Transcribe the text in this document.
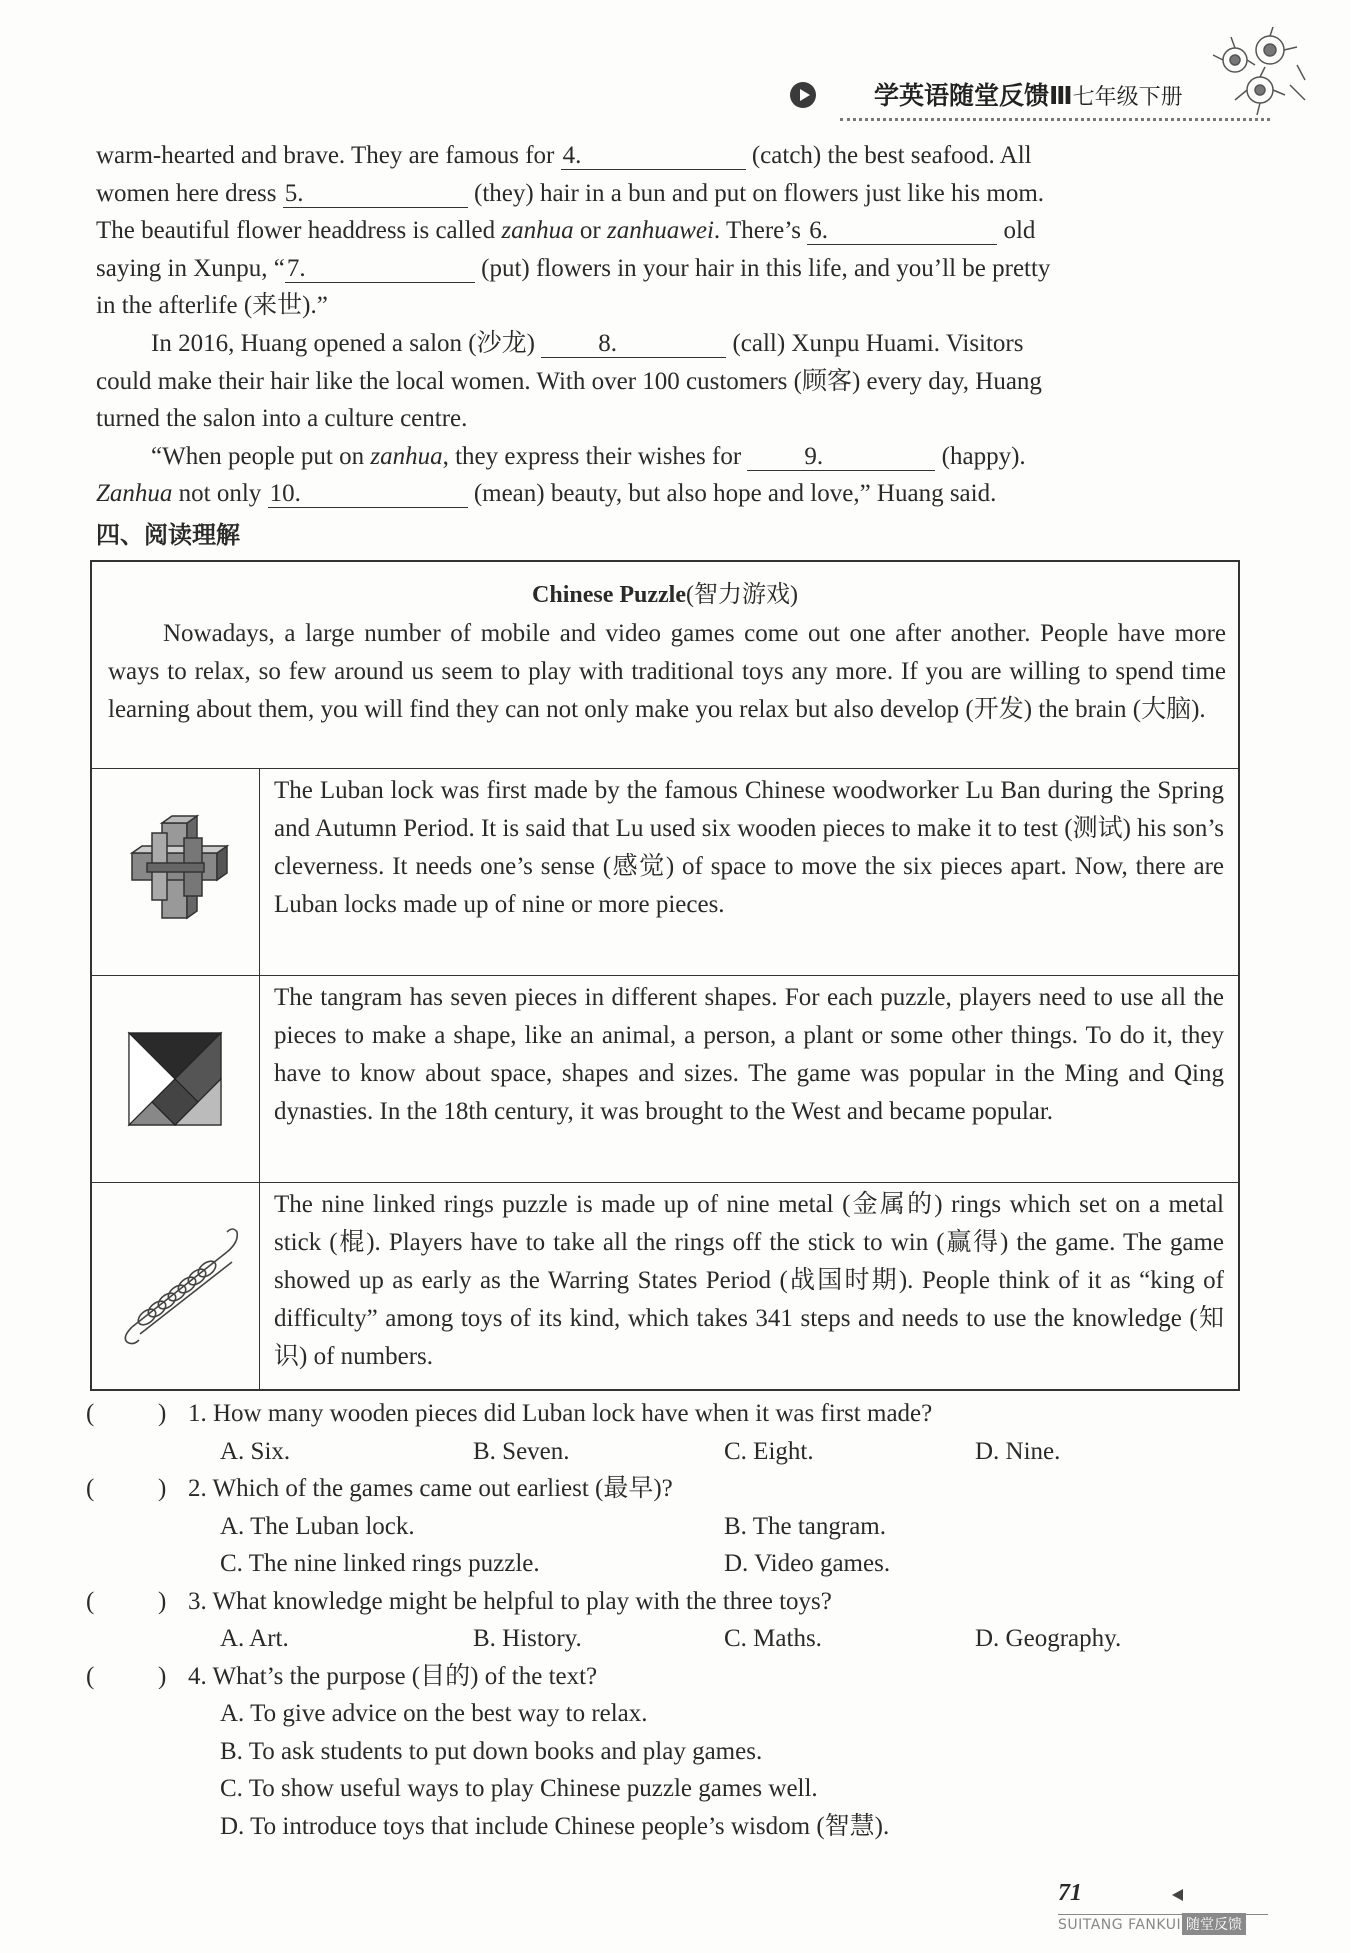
学英语随堂反馈Ⅲ七年级下册

warm-hearted and brave. They are famous for 4.	(catch) the best seafood. All

women here dress 5.	(they) hair in a bun and put on flowers just like his mom.

The beautiful flower headdress is called zanhua or zanhuawei. There’s 6.	old

saying in Xunpu, “7.	(put) flowers in your hair in this life, and you’ll be pretty

in the afterlife (来世).”

In 2016, Huang opened a salon (沙龙) 8.	(call) Xunpu Huami. Visitors

could make their hair like the local women. With over 100 customers (顾客) every day, Huang

turned the salon into a culture centre.

“When people put on zanhua, they express their wishes for 9.	(happy).

Zanhua not only 10.	(mean) beauty, but also hope and love,” Huang said.

四、阅读理解
Chinese Puzzle(智力游戏)
Nowadays, a large number of mobile and video games come out one after another. People have more ways to relax, so few around us seem to play with traditional toys any more. If you are willing to spend time learning about them, you will find they can not only make you relax but also develop (开发) the brain (大脑).
The Luban lock was first made by the famous Chinese woodworker Lu Ban during the Spring and Autumn Period. It is said that Lu used six wooden pieces to make it to test (测试) his son’s cleverness. It needs one’s sense (感觉) of space to move the six pieces apart. Now, there are Luban locks made up of nine or more pieces.
The tangram has seven pieces in different shapes. For each puzzle, players need to use all the pieces to make a shape, like an animal, a person, a plant or some other things. To do it, they have to know about space, shapes and sizes. The game was popular in the Ming and Qing dynasties. In the 18th century, it was brought to the West and became popular.
The nine linked rings puzzle is made up of nine metal (金属的) rings which set on a metal stick (棍). Players have to take all the rings off the stick to win (赢得) the game. The game showed up as early as the Warring States Period (战国时期). People think of it as “king of difficulty” among toys of its kind, which takes 341 steps and needs to use the knowledge (知识) of numbers.
(	) 1. How many wooden pieces did Luban lock have when it was first made?
A. Six.	B. Seven.	C. Eight.	D. Nine.
(	) 2. Which of the games came out earliest (最早)?
A. The Luban lock.	B. The tangram.
C. The nine linked rings puzzle.	D. Video games.
(	) 3. What knowledge might be helpful to play with the three toys?
A. Art.	B. History.	C. Maths.	D. Geography.
(	) 4. What’s the purpose (目的) of the text?
A. To give advice on the best way to relax.
B. To ask students to put down books and play games.
C. To show useful ways to play Chinese puzzle games well.
D. To introduce toys that include Chinese people’s wisdom (智慧).
71
SUITANG FANKUI 随堂反馈
